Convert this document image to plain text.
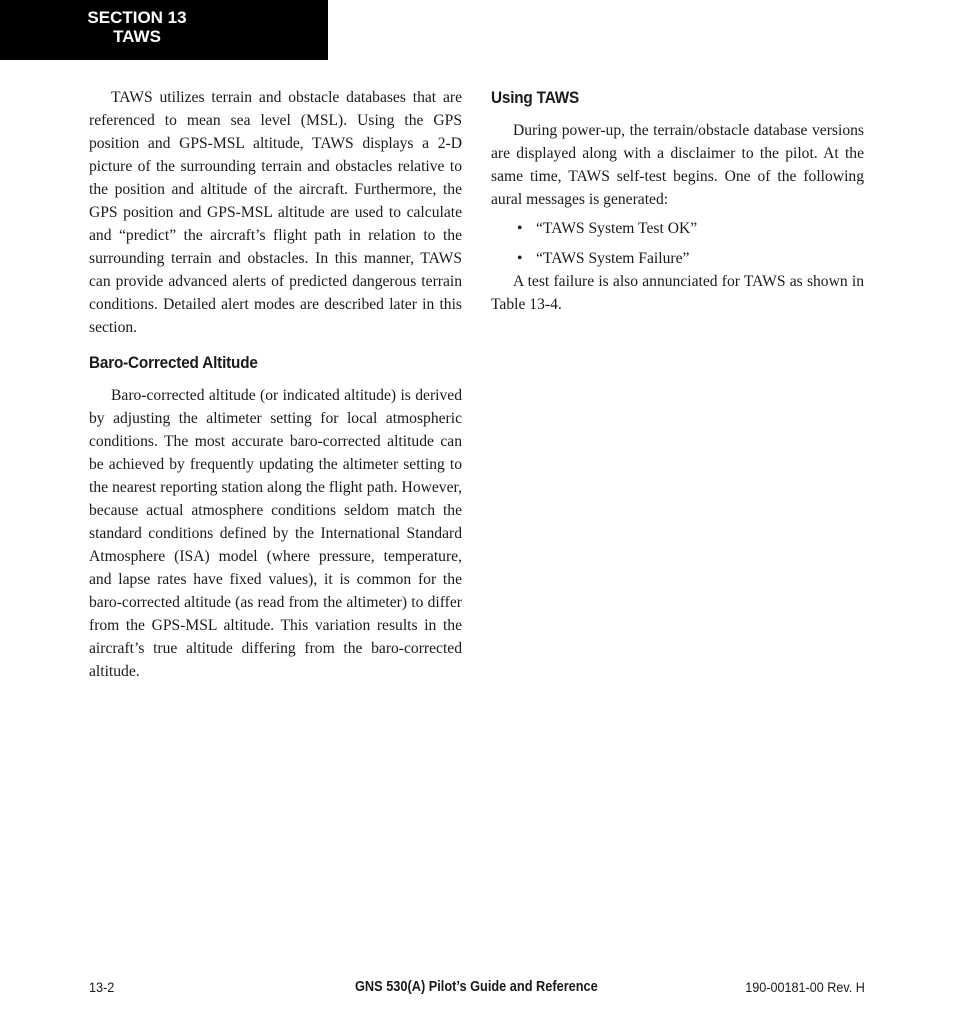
SECTION 13
TAWS

TAWS utilizes terrain and obstacle databases that are referenced to mean sea level (MSL). Using the GPS position and GPS-MSL altitude, TAWS displays a 2-D picture of the surrounding terrain and obstacles relative to the position and altitude of the aircraft. Furthermore, the GPS position and GPS-MSL altitude are used to calculate and “predict” the aircraft’s flight path in relation to the surrounding terrain and obstacles. In this manner, TAWS can provide advanced alerts of predicted dangerous terrain conditions. Detailed alert modes are described later in this section.

Baro-Corrected Altitude

Baro-corrected altitude (or indicated altitude) is derived by adjusting the altimeter setting for local atmospheric conditions. The most accurate baro-corrected altitude can be achieved by frequently updating the altimeter setting to the nearest reporting station along the flight path. However, because actual atmosphere conditions seldom match the standard conditions defined by the International Standard Atmosphere (ISA) model (where pressure, temperature, and lapse rates have fixed values), it is common for the baro-corrected altitude (as read from the altimeter) to differ from the GPS-MSL altitude. This variation results in the aircraft’s true altitude differing from the baro-corrected altitude.

Using TAWS

During power-up, the terrain/obstacle database versions are displayed along with a disclaimer to the pilot. At the same time, TAWS self-test begins. One of the following aural messages is generated:

• “TAWS System Test OK”
• “TAWS System Failure”

A test failure is also annunciated for TAWS as shown in Table 13-4.

13-2	GNS 530(A) Pilot’s Guide and Reference	190-00181-00 Rev. H
